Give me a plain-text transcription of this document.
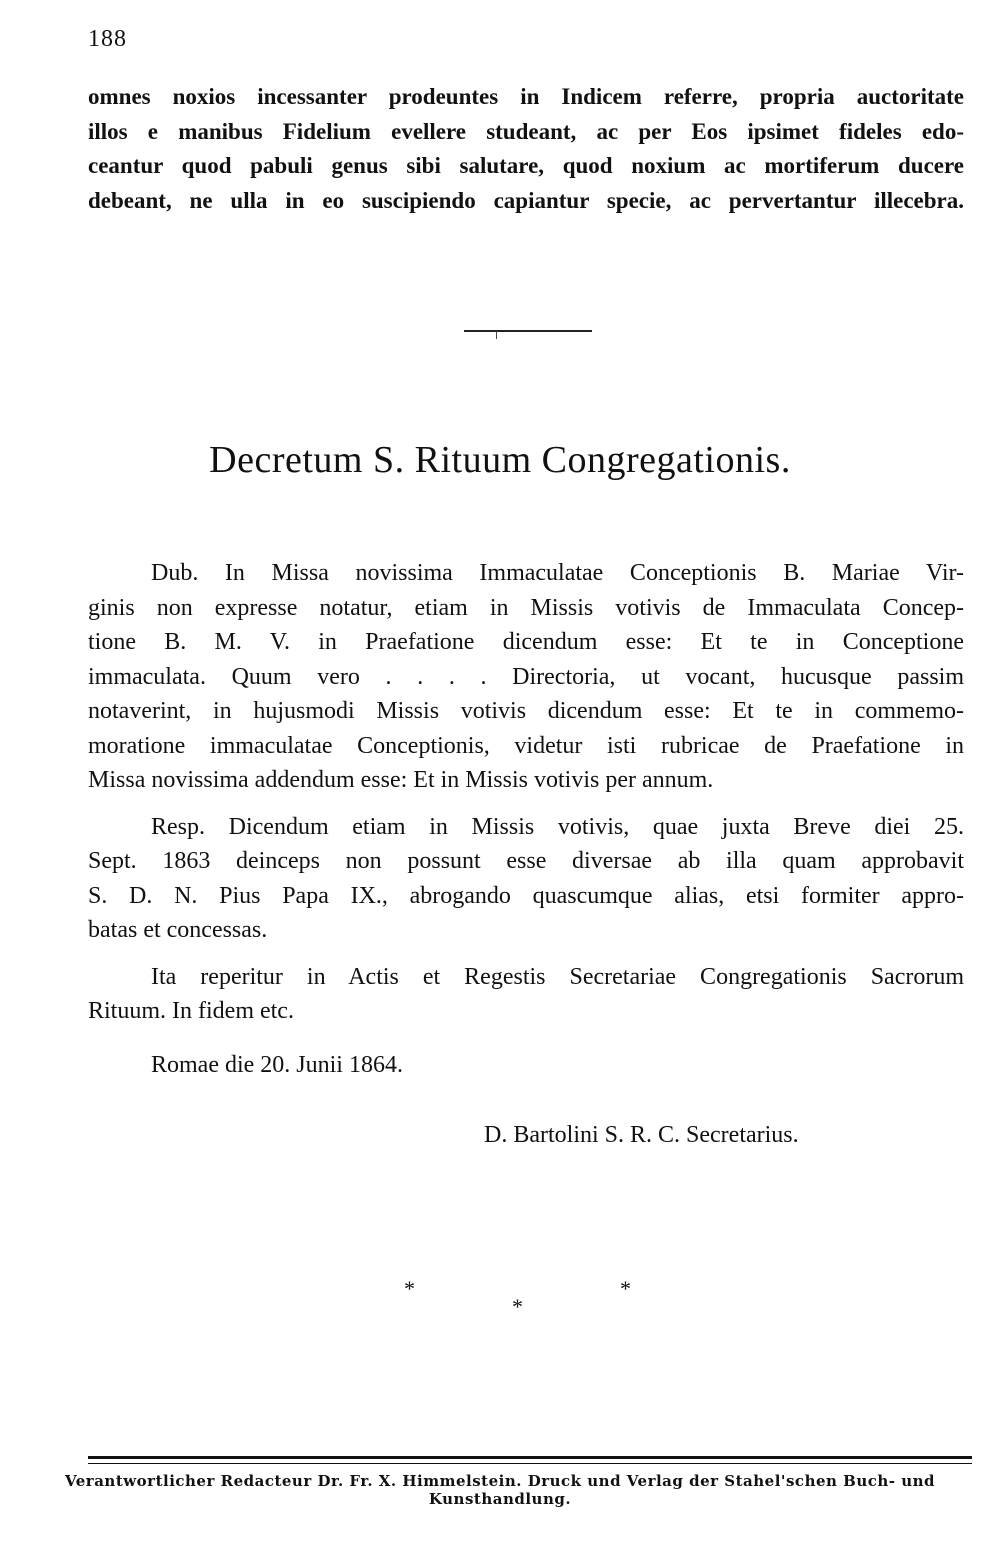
188
omnes noxios incessanter prodeuntes in Indicem referre, propria auctoritate
illos e manibus Fidelium evellere studeant, ac per Eos ipsimet fideles edo-
ceantur quod pabuli genus sibi salutare, quod noxium ac mortiferum ducere
debeant, ne ulla in eo suscipiendo capiantur specie, ac pervertantur illecebra.
Decretum S. Rituum Congregationis.

Dub. In Missa novissima Immaculatae Conceptionis B. Mariae Vir-
ginis non expresse notatur, etiam in Missis votivis de Immaculata Concep-
tione B. M. V. in Praefatione dicendum esse: Et te in Conceptione
immaculata. Quum vero . . . . Directoria, ut vocant, hucusque passim
notaverint, in hujusmodi Missis votivis dicendum esse: Et te in commemo-
moratione immaculatae Conceptionis, videtur isti rubricae de Praefatione in
Missa novissima addendum esse: Et in Missis votivis per annum.

Resp. Dicendum etiam in Missis votivis, quae juxta Breve diei 25.
Sept. 1863 deinceps non possunt esse diversae ab illa quam approbavit
S. D. N. Pius Papa IX., abrogando quascumque alias, etsi formiter appro-
batas et concessas.

Ita reperitur in Actis et Regestis Secretariae Congregationis Sacrorum
Rituum. In fidem etc.

Romae die 20. Junii 1864.
D. Bartolini S. R. C. Secretarius.
*	*
*
Verantwortlicher Redacteur Dr. Fr. X. Himmelstein. Druck und Verlag der Stahel'schen Buch- und Kunsthandlung.
